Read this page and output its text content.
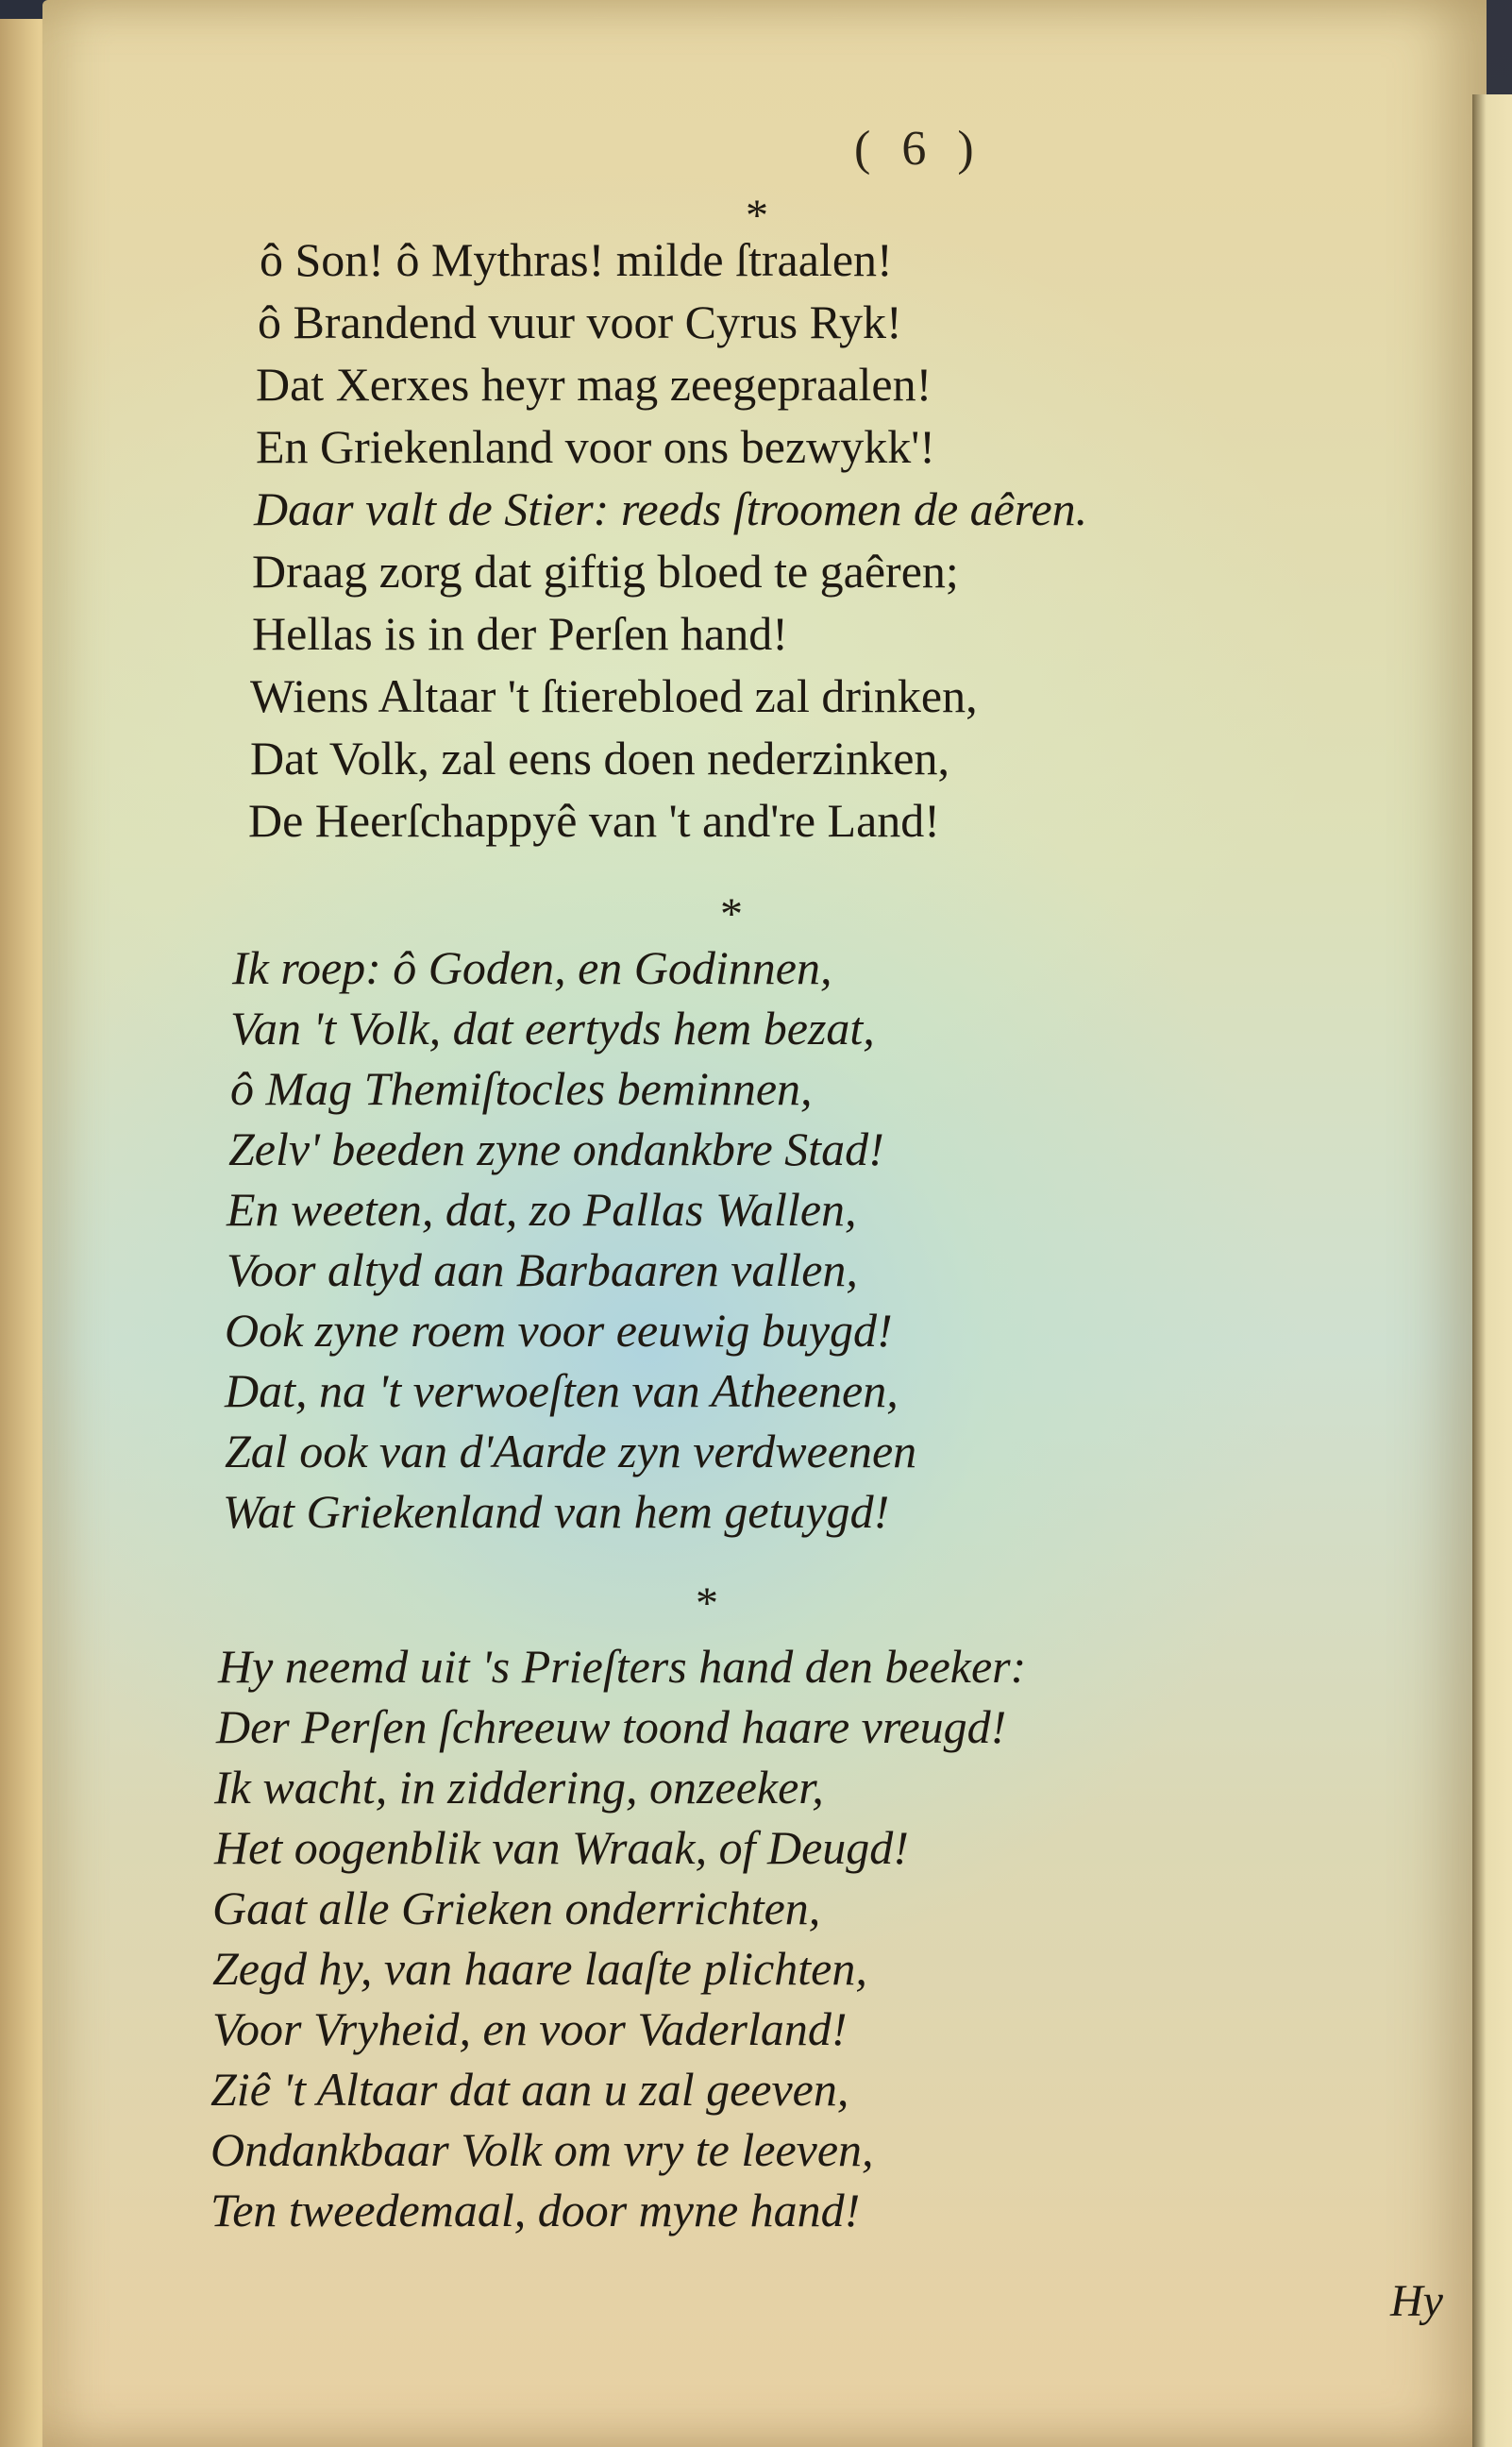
( 6 )
*
ô Son! ô Mythras! milde ſtraalen!
ô Brandend vuur voor Cyrus Ryk!
Dat Xerxes heyr mag zeegepraalen!
En Griekenland voor ons bezwykk'!
Daar valt de Stier: reeds ſtroomen de aêren.
Draag zorg dat giftig bloed te gaêren;
Hellas is in der Perſen hand!
Wiens Altaar 't ſtierebloed zal drinken,
Dat Volk, zal eens doen nederzinken,
De Heerſchappyê van 't and're Land!
*
Ik roep: ô Goden, en Godinnen,
Van 't Volk, dat eertyds hem bezat,
ô Mag Themiſtocles beminnen,
Zelv' beeden zyne ondankbre Stad!
En weeten, dat, zo Pallas Wallen,
Voor altyd aan Barbaaren vallen,
Ook zyne roem voor eeuwig buygd!
Dat, na 't verwoeſten van Atheenen,
Zal ook van d'Aarde zyn verdweenen
Wat Griekenland van hem getuygd!
*
Hy neemd uit 's Prieſters hand den beeker:
Der Perſen ſchreeuw toond haare vreugd!
Ik wacht, in ziddering, onzeeker,
Het oogenblik van Wraak, of Deugd!
Gaat alle Grieken onderrichten,
Zegd hy, van haare laaſte plichten,
Voor Vryheid, en voor Vaderland!
Ziê 't Altaar dat aan u zal geeven,
Ondankbaar Volk om vry te leeven,
Ten tweedemaal, door myne hand!
Hy
